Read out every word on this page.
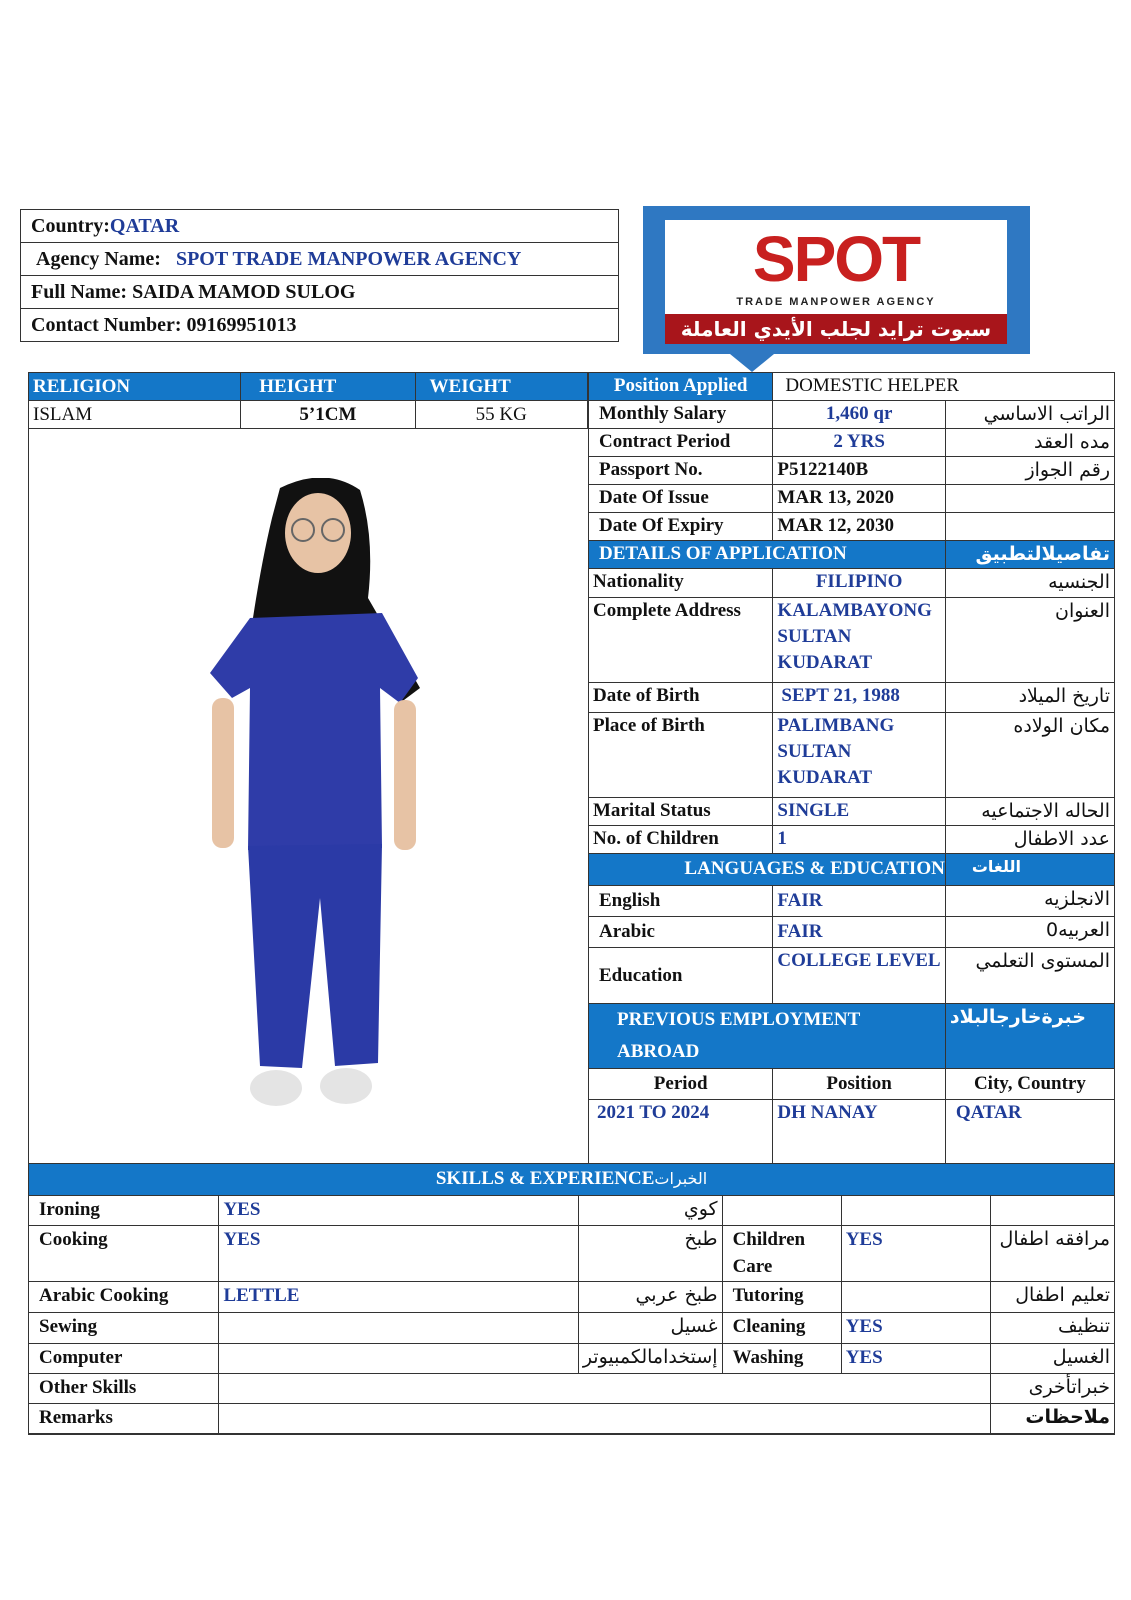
Country:QATAR
Agency Name: SPOT TRADE MANPOWER AGENCY
Full Name: SAIDA MAMOD SULOG
Contact Number: 09169951013
SPOT
TRADE MANPOWER AGENCY
سبوت ترايد لجلب الأيدي العاملة
RELIGION	HEIGHT	WEIGHT
ISLAM	5’1CM	55 KG
Position Applied	DOMESTIC HELPER	
Monthly Salary	1,460 qr	الراتب الاساسي
Contract Period	2 YRS	مده العقد
Passport No.	P5122140B	رقم الجواز
Date Of Issue	MAR 13, 2020	
Date Of Expiry	MAR 12, 2030	
DETAILS OF APPLICATION		تفاصيلالتطبيق
Nationality	FILIPINO	الجنسيه
Complete Address	KALAMBAYONG SULTAN KUDARAT	العنوان
Date of Birth	SEPT 21, 1988	تاريخ الميلاد
Place of Birth	PALIMBANG SULTAN KUDARAT	مكان الولاده
Marital Status	SINGLE	الحاله الاجتماعيه
No. of Children	1	عدد الاطفال
LANGUAGES & EDUCATION		اللغات
English	FAIR	الانجلزيه
Arabic	FAIR	العربيه0
Education	COLLEGE LEVEL	المستوى التعلمي
PREVIOUS EMPLOYMENT ABROAD		خبرةخارجالبلاد
Period	Position	City, Country
2021 TO 2024	DH NANAY	QATAR
SKILLS & EXPERIENCEالخبرات					
Ironing	YES	كوي			
Cooking	YES	طبخ	Children Care	YES	مرافقه اطفال
Arabic Cooking	LETTLE	طبخ عربي	Tutoring		تعليم اطفال
Sewing		غسيل	Cleaning	YES	تنظيف
Computer		إستخدامالكمبيوتر	Washing	YES	الغسيل
Other Skills					خبراتأخرى
Remarks					ملاحظات
